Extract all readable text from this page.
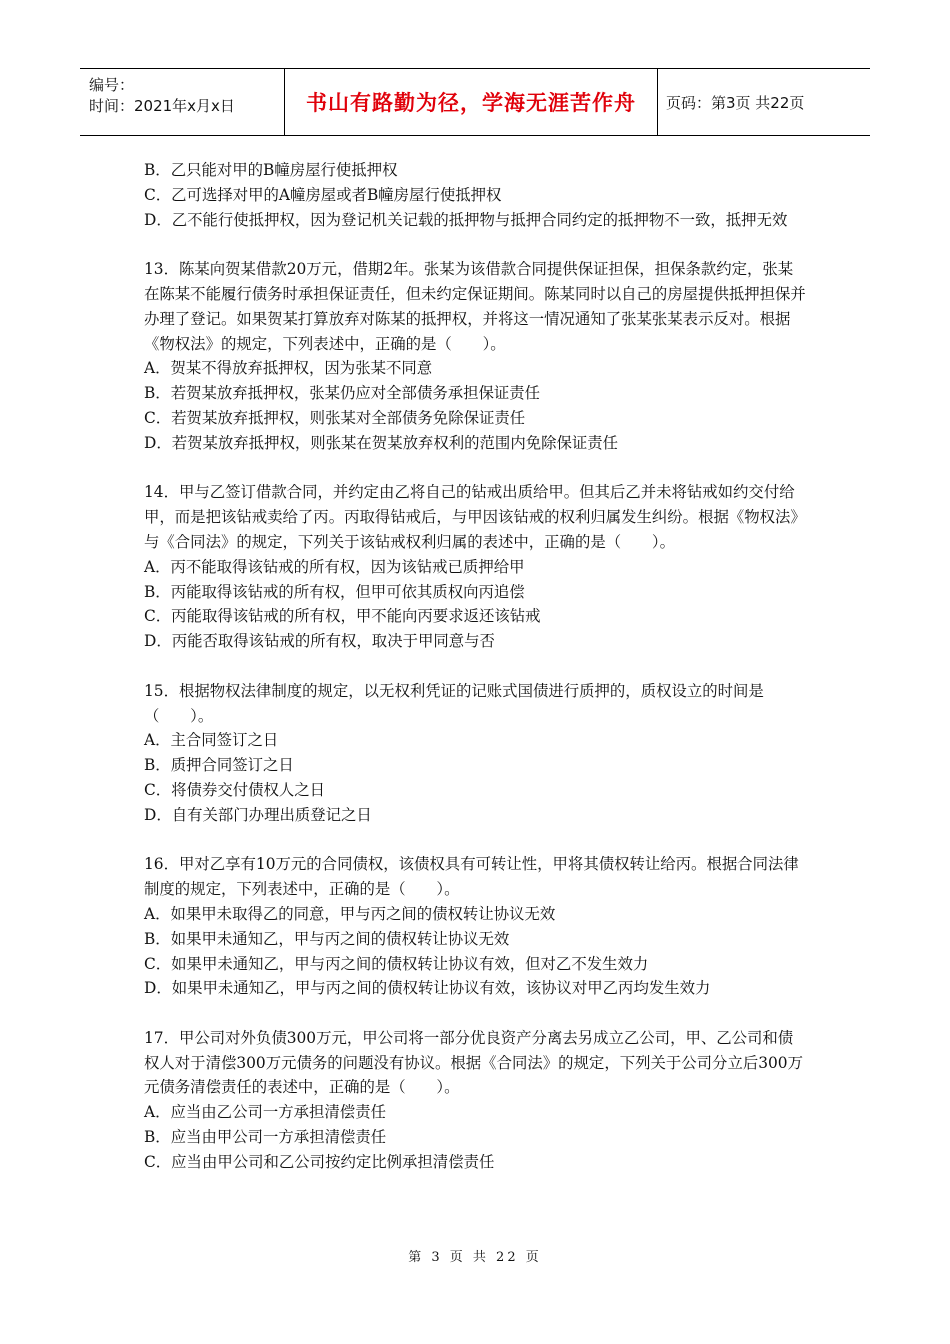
编号：
时间：2021年x月x日	书山有路勤为径，学海无涯苦作舟 页码：第3页 共22页

B．乙只能对甲的B幢房屋行使抵押权

C．乙可选择对甲的A幢房屋或者B幢房屋行使抵押权

D．乙不能行使抵押权，因为登记机关记载的抵押物与抵押合同约定的抵押物不一致，抵押无效

13．陈某向贺某借款20万元，借期2年。张某为该借款合同提供保证担保，担保条款约定，张某在陈某不能履行债务时承担保证责任，但未约定保证期间。陈某同时以自己的房屋提供抵押担保并办理了登记。如果贺某打算放弃对陈某的抵押权，并将这一情况通知了张某张某表示反对。根据《物权法》的规定，下列表述中，正确的是（　　）。

A．贺某不得放弃抵押权，因为张某不同意

B．若贺某放弃抵押权，张某仍应对全部债务承担保证责任

C．若贺某放弃抵押权，则张某对全部债务免除保证责任

D．若贺某放弃抵押权，则张某在贺某放弃权利的范围内免除保证责任

14．甲与乙签订借款合同，并约定由乙将自己的钻戒出质给甲。但其后乙并未将钻戒如约交付给甲，而是把该钻戒卖给了丙。丙取得钻戒后，与甲因该钻戒的权利归属发生纠纷。根据《物权法》与《合同法》的规定，下列关于该钻戒权利归属的表述中，正确的是（　　）。

A．丙不能取得该钻戒的所有权，因为该钻戒已质押给甲

B．丙能取得该钻戒的所有权，但甲可依其质权向丙追偿

C．丙能取得该钻戒的所有权，甲不能向丙要求返还该钻戒

D．丙能否取得该钻戒的所有权，取决于甲同意与否

15．根据物权法律制度的规定，以无权利凭证的记账式国债进行质押的，质权设立的时间是（　　）。

A．主合同签订之日

B．质押合同签订之日

C．将债券交付债权人之日

D．自有关部门办理出质登记之日

16．甲对乙享有10万元的合同债权，该债权具有可转让性，甲将其债权转让给丙。根据合同法律制度的规定，下列表述中，正确的是（　　）。

A．如果甲未取得乙的同意，甲与丙之间的债权转让协议无效

B．如果甲未通知乙，甲与丙之间的债权转让协议无效

C．如果甲未通知乙，甲与丙之间的债权转让协议有效，但对乙不发生效力

D．如果甲未通知乙，甲与丙之间的债权转让协议有效，该协议对甲乙丙均发生效力

17．甲公司对外负债300万元，甲公司将一部分优良资产分离去另成立乙公司，甲、乙公司和债权人对于清偿300万元债务的问题没有协议。根据《合同法》的规定，下列关于公司分立后300万元债务清偿责任的表述中，正确的是（　　）。

A．应当由乙公司一方承担清偿责任

B．应当由甲公司一方承担清偿责任

C．应当由甲公司和乙公司按约定比例承担清偿责任

第 3 页 共 22 页
